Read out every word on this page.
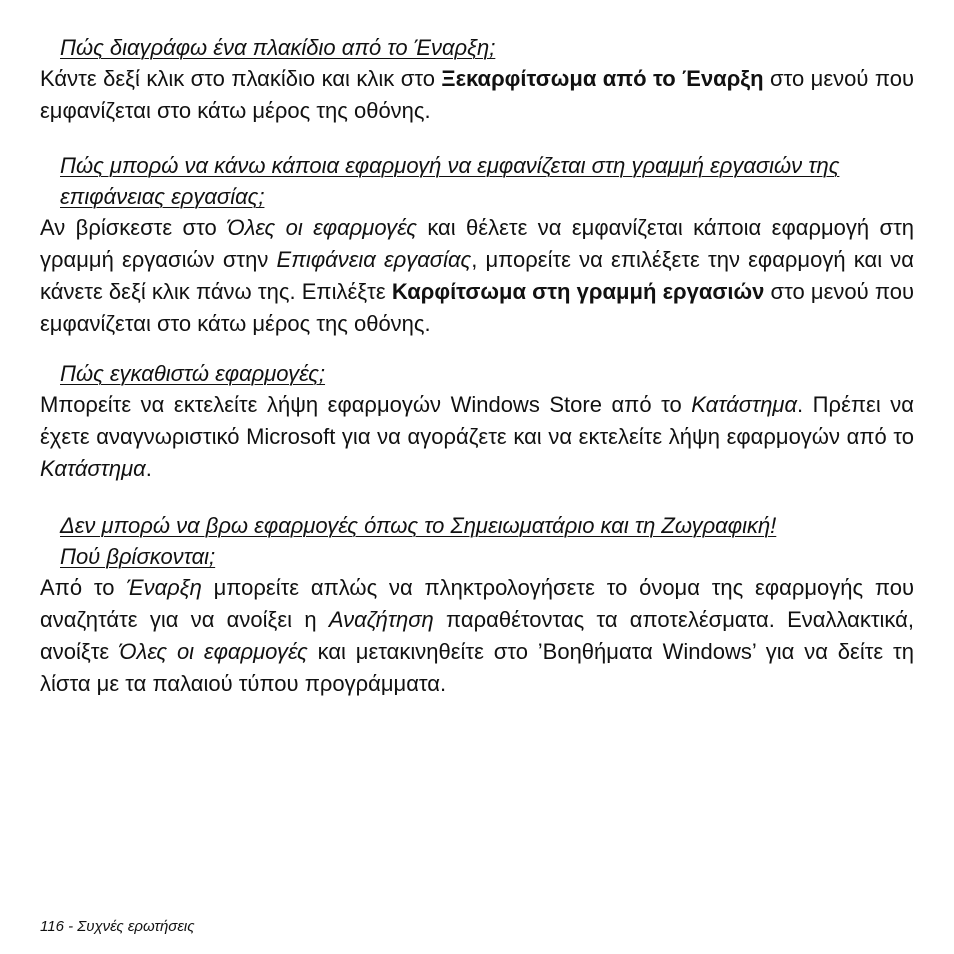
Πώς διαγράφω ένα πλακίδιο από το Έναρξη;

Κάντε δεξί κλικ στο πλακίδιο και κλικ στο Ξεκαρφίτσωμα από το Έναρξη στο μενού που εμφανίζεται στο κάτω μέρος της οθόνης.

Πώς μπορώ να κάνω κάποια εφαρμογή να εμφανίζεται στη γραμμή εργασιών της επιφάνειας εργασίας;

Αν βρίσκεστε στο Όλες οι εφαρμογές και θέλετε να εμφανίζεται κάποια εφαρμογή στη γραμμή εργασιών στην Επιφάνεια εργασίας, μπορείτε να επιλέξετε την εφαρμογή και να κάνετε δεξί κλικ πάνω της. Επιλέξτε Καρφίτσωμα στη γραμμή εργασιών στο μενού που εμφανίζεται στο κάτω μέρος της οθόνης.

Πώς εγκαθιστώ εφαρμογές;

Μπορείτε να εκτελείτε λήψη εφαρμογών Windows Store από το Κατάστημα. Πρέπει να έχετε αναγνωριστικό Microsoft για να αγοράζετε και να εκτελείτε λήψη εφαρμογών από το Κατάστημα.

Δεν μπορώ να βρω εφαρμογές όπως το Σημειωματάριο και τη Ζωγραφική! Πού βρίσκονται;

Από το Έναρξη μπορείτε απλώς να πληκτρολογήσετε το όνομα της εφαρμογής που αναζητάτε για να ανοίξει η Αναζήτηση παραθέτοντας τα αποτελέσματα. Εναλλακτικά, ανοίξτε Όλες οι εφαρμογές και μετακινηθείτε στο ’Βοηθήματα Windows’ για να δείτε τη λίστα με τα παλαιού τύπου προγράμματα.

116 - Συχνές ερωτήσεις
